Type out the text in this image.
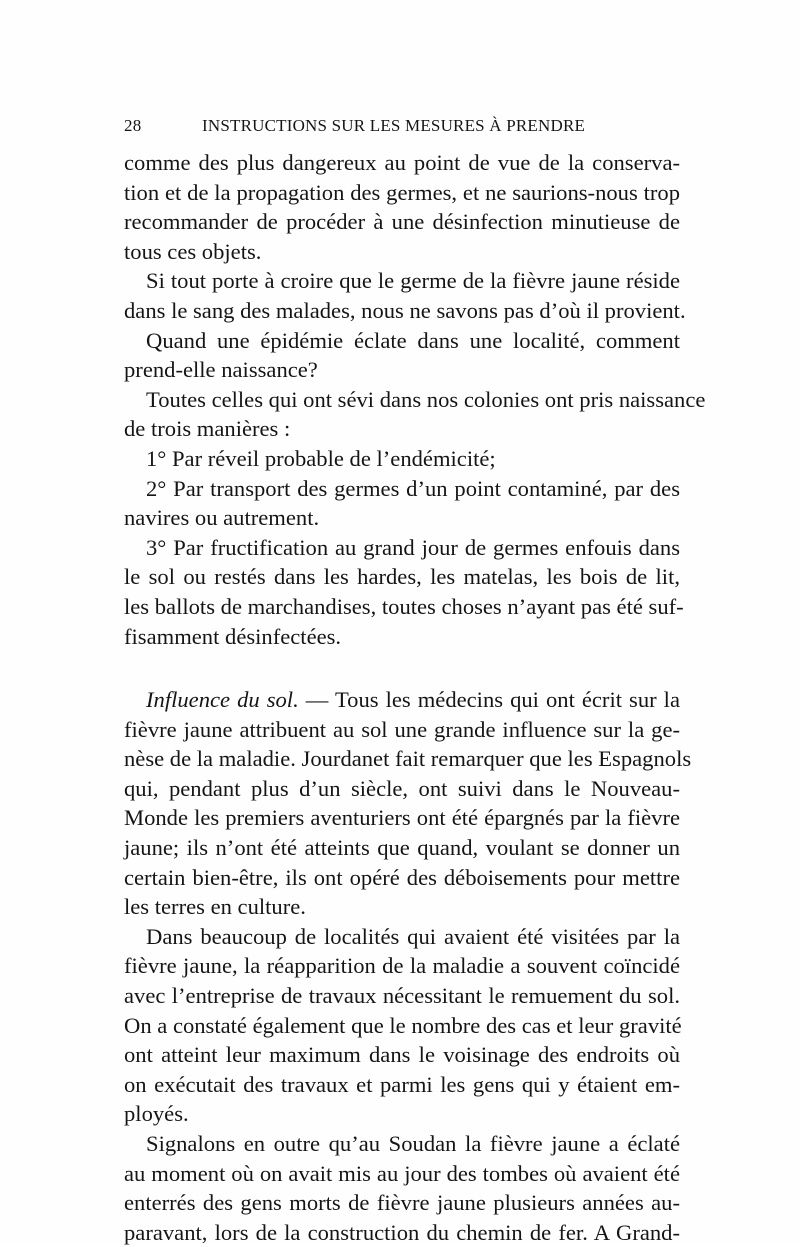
28	INSTRUCTIONS SUR LES MESURES À PRENDRE

comme des plus dangereux au point de vue de la conserva-
tion et de la propagation des germes, et ne saurions-nous trop
recommander de procéder à une désinfection minutieuse de
tous ces objets.

Si tout porte à croire que le germe de la fièvre jaune réside
dans le sang des malades, nous ne savons pas d’où il provient.

Quand une épidémie éclate dans une localité, comment
prend-elle naissance?

Toutes celles qui ont sévi dans nos colonies ont pris naissance
de trois manières :

1° Par réveil probable de l’endémicité;

2° Par transport des germes d’un point contaminé, par des
navires ou autrement.

3° Par fructification au grand jour de germes enfouis dans
le sol ou restés dans les hardes, les matelas, les bois de lit,
les ballots de marchandises, toutes choses n’ayant pas été suf-
fisamment désinfectées.

Influence du sol. — Tous les médecins qui ont écrit sur la
fièvre jaune attribuent au sol une grande influence sur la ge-
nèse de la maladie. Jourdanet fait remarquer que les Espagnols
qui, pendant plus d’un siècle, ont suivi dans le Nouveau-
Monde les premiers aventuriers ont été épargnés par la fièvre
jaune; ils n’ont été atteints que quand, voulant se donner un
certain bien-être, ils ont opéré des déboisements pour mettre
les terres en culture.

Dans beaucoup de localités qui avaient été visitées par la
fièvre jaune, la réapparition de la maladie a souvent coïncidé
avec l’entreprise de travaux nécessitant le remuement du sol.
On a constaté également que le nombre des cas et leur gravité
ont atteint leur maximum dans le voisinage des endroits où
on exécutait des travaux et parmi les gens qui y étaient em-
ployés.

Signalons en outre qu’au Soudan la fièvre jaune a éclaté
au moment où on avait mis au jour des tombes où avaient été
enterrés des gens morts de fièvre jaune plusieurs années au-
paravant, lors de la construction du chemin de fer. A Grand-
